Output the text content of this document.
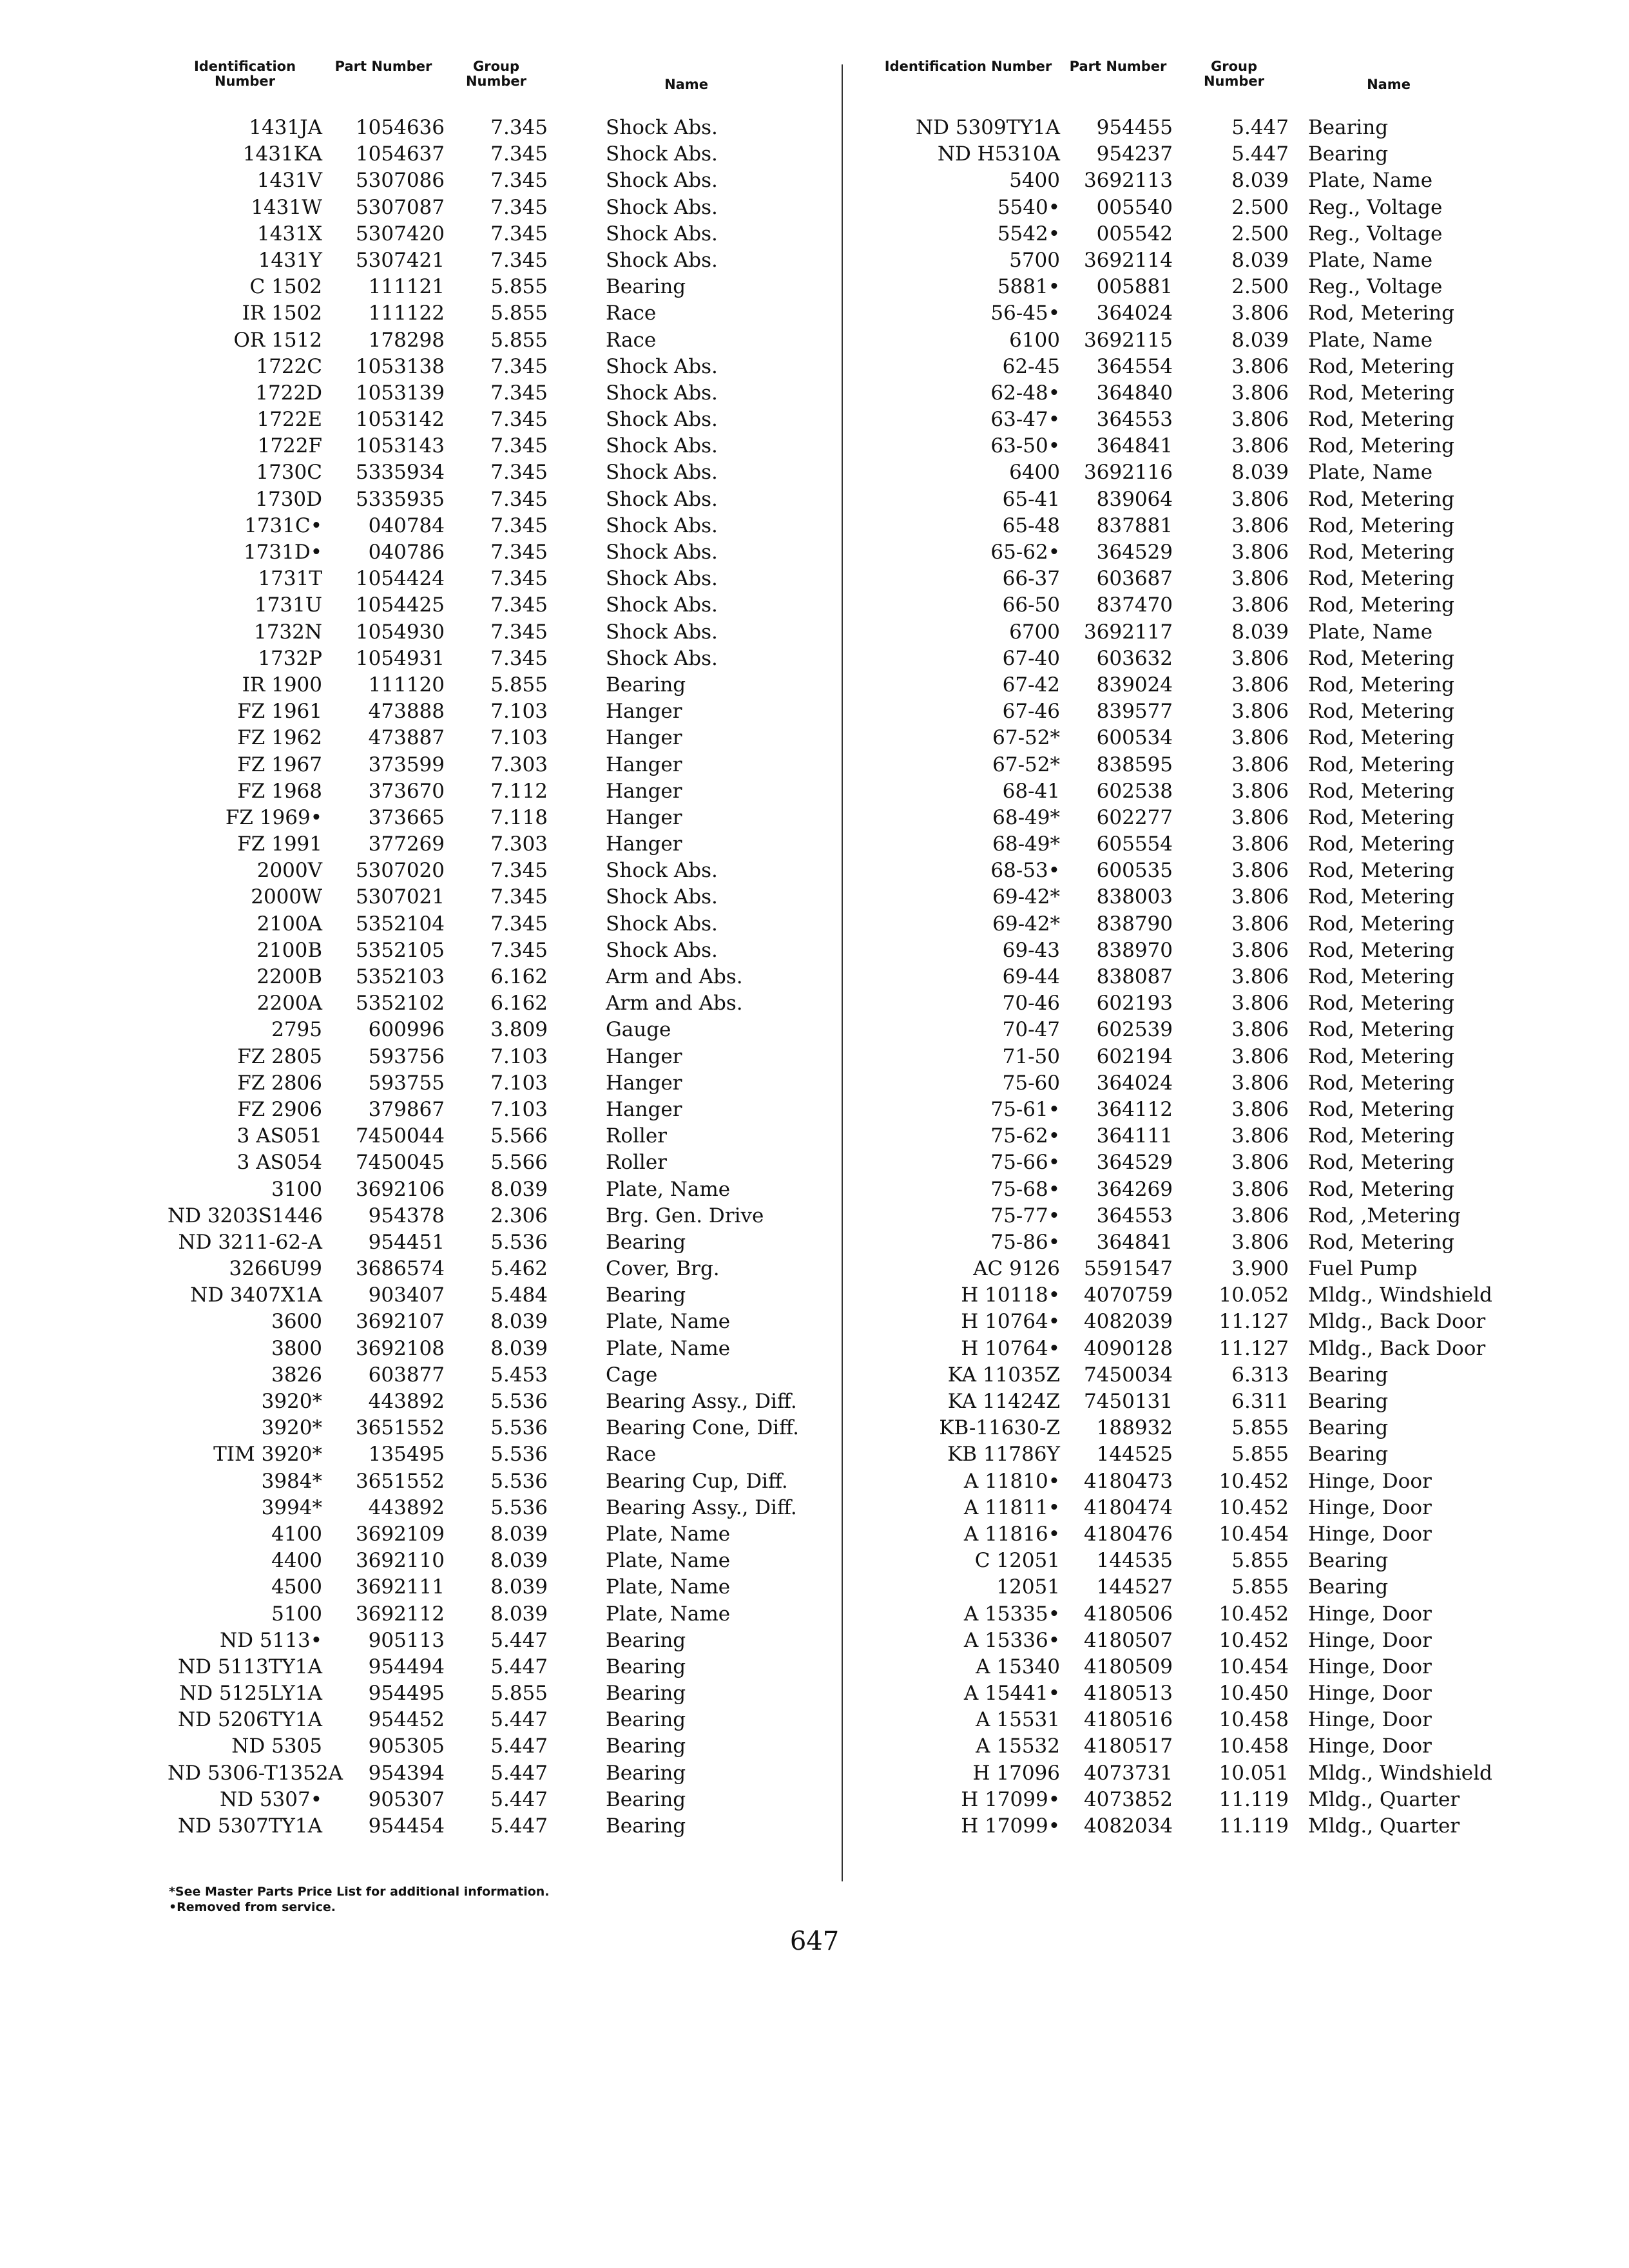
Identification Number
Part Number	Group Number	Name
1431JA	1054636	7.345	Shock Abs.
1431KA	1054637	7.345	Shock Abs.
1431V	5307086	7.345	Shock Abs.
1431W	5307087	7.345	Shock Abs.
1431X	5307420	7.345	Shock Abs.
1431Y	5307421	7.345	Shock Abs.
C 1502	111121	5.855	Bearing
IR 1502	111122	5.855	Race
OR 1512	178298	5.855	Race
1722C	1053138	7.345	Shock Abs.
1722D	1053139	7.345	Shock Abs.
1722E	1053142	7.345	Shock Abs.
1722F	1053143	7.345	Shock Abs.
1730C	5335934	7.345	Shock Abs.
1730D	5335935	7.345	Shock Abs.
1731C•	040784	7.345	Shock Abs.
1731D•	040786	7.345	Shock Abs.
1731T	1054424	7.345	Shock Abs.
1731U	1054425	7.345	Shock Abs.
1732N	1054930	7.345	Shock Abs.
1732P	1054931	7.345	Shock Abs.
IR 1900	111120	5.855	Bearing
FZ 1961	473888	7.103	Hanger
FZ 1962	473887	7.103	Hanger
FZ 1967	373599	7.303	Hanger
FZ 1968	373670	7.112	Hanger
FZ 1969•	373665	7.118	Hanger
FZ 1991	377269	7.303	Hanger
2000V	5307020	7.345	Shock Abs.
2000W	5307021	7.345	Shock Abs.
2100A	5352104	7.345	Shock Abs.
2100B	5352105	7.345	Shock Abs.
2200B	5352103	6.162	Arm and Abs.
2200A	5352102	6.162	Arm and Abs.
2795	600996	3.809	Gauge
FZ 2805	593756	7.103	Hanger
FZ 2806	593755	7.103	Hanger
FZ 2906	379867	7.103	Hanger
3 AS051	7450044	5.566	Roller
3 AS054	7450045	5.566	Roller
3100	3692106	8.039	Plate, Name
ND 3203S1446	954378	2.306	Brg. Gen. Drive
ND 3211-62-A	954451	5.536	Bearing
3266U99	3686574	5.462	Cover, Brg.
ND 3407X1A	903407	5.484	Bearing
3600	3692107	8.039	Plate, Name
3800	3692108	8.039	Plate, Name
3826	603877	5.453	Cage
3920*	443892	5.536	Bearing Assy., Diff.
3920*	3651552	5.536	Bearing Cone, Diff.
TIM 3920*	135495	5.536	Race
3984*	3651552	5.536	Bearing Cup, Diff.
3994*	443892	5.536	Bearing Assy., Diff.
4100	3692109	8.039	Plate, Name
4400	3692110	8.039	Plate, Name
4500	3692111	8.039	Plate, Name
5100	3692112	8.039	Plate, Name
ND 5113•	905113	5.447	Bearing
ND 5113TY1A	954494	5.447	Bearing
ND 5125LY1A	954495	5.855	Bearing
ND 5206TY1A	954452	5.447	Bearing
ND 5305	905305	5.447	Bearing
ND 5306-T1352A	954394	5.447	Bearing
ND 5307•	905307	5.447	Bearing
ND 5307TY1A	954454	5.447	Bearing
Identification Number	Part Number	Group Number	Name
ND 5309TY1A	954455	5.447 Bearing
ND H5310A	954237	5.447 Bearing
5400	3692113	8.039 Plate, Name
5540•	005540	2.500 Reg., Voltage
5542•	005542	2.500 Reg., Voltage
5700	3692114	8.039 Plate, Name
5881•	005881	2.500 Reg., Voltage
56-45•	364024	3.806 Rod, Metering
6100	3692115	8.039 Plate, Name
62-45	364554	3.806 Rod, Metering
62-48•	364840	3.806 Rod, Metering
63-47•	364553	3.806 Rod, Metering
63-50•	364841	3.806 Rod, Metering
6400	3692116	8.039 Plate, Name
65-41	839064	3.806 Rod, Metering
65-48	837881	3.806 Rod, Metering
65-62•	364529	3.806 Rod, Metering
66-37	603687	3.806 Rod, Metering
66-50	837470	3.806 Rod, Metering
6700	3692117	8.039 Plate, Name
67-40	603632	3.806 Rod, Metering
67-42	839024	3.806 Rod, Metering
67-46	839577	3.806 Rod, Metering
67-52*	600534	3.806 Rod, Metering
67-52*	838595	3.806 Rod, Metering
68-41	602538	3.806 Rod, Metering
68-49*	602277	3.806 Rod, Metering
68-49*	605554	3.806 Rod, Metering
68-53•	600535	3.806 Rod, Metering
69-42*	838003	3.806 Rod, Metering
69-42*	838790	3.806 Rod, Metering
69-43	838970	3.806 Rod, Metering
69-44	838087	3.806 Rod, Metering
70-46	602193	3.806 Rod, Metering
70-47	602539	3.806 Rod, Metering
71-50	602194	3.806 Rod, Metering
75-60	364024	3.806 Rod, Metering
75-61•	364112	3.806 Rod, Metering
75-62•	364111	3.806 Rod, Metering
75-66•	364529	3.806 Rod, Metering
75-68•	364269	3.806 Rod, Metering
75-77•	364553	3.806 Rod, ,Metering
75-86•	364841	3.806 Rod, Metering
AC 9126	5591547	3.900 Fuel Pump
H 10118•	4070759	10.052 Mldg., Windshield
H 10764•	4082039	11.127 Mldg., Back Door
H 10764•	4090128	11.127 Mldg., Back Door
KA 11035Z	7450034	6.313 Bearing
KA 11424Z	7450131	6.311 Bearing
KB-11630-Z	188932	5.855 Bearing
KB 11786Y	144525	5.855 Bearing
A 11810•	4180473	10.452 Hinge, Door
A 11811•	4180474	10.452 Hinge, Door
A 11816•	4180476	10.454 Hinge, Door
C 12051	144535	5.855 Bearing
12051	144527	5.855 Bearing
A 15335•	4180506	10.452 Hinge, Door
A 15336•	4180507	10.452 Hinge, Door
A 15340	4180509	10.454 Hinge, Door
A 15441•	4180513	10.450 Hinge, Door
A 15531	4180516	10.458 Hinge, Door
A 15532	4180517	10.458 Hinge, Door
H 17096	4073731	10.051 Mldg., Windshield
H 17099•	4073852	11.119 Mldg., Quarter
H 17099•	4082034	11.119 Mldg., Quarter
*See Master Parts Price List for additional information.
•Removed from service.
647
